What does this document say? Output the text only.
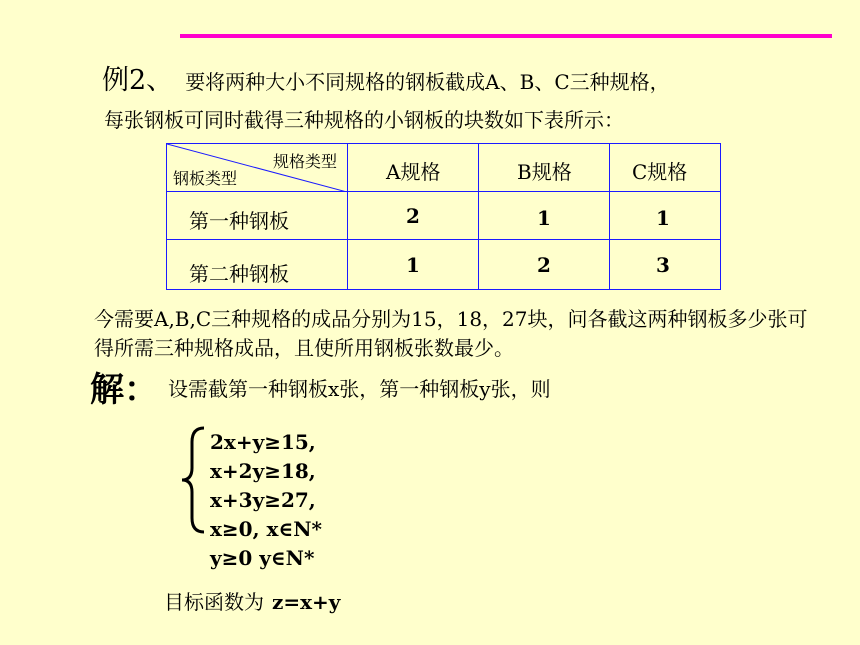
例2、 要将两种大小不同规格的钢板截成A、B、C三种规格，
每张钢板可同时截得三种规格的小钢板的块数如下表所示：
规格类型
钢板类型	A规格	B规格	C规格

第一种钢板	2	1	1

第二种钢板	1	2	3
今需要A,B,C三种规格的成品分别为15，18，27块，问各截这两种钢板多少张可得所需三种规格成品，且使所用钢板张数最少。
解： 设需截第一种钢板x张，第一种钢板y张，则
2x+y≥15,
x+2y≥18,
x+3y≥27,
x≥0, x∈N*
y≥0 y∈N*
目标函数为 z=x+y
